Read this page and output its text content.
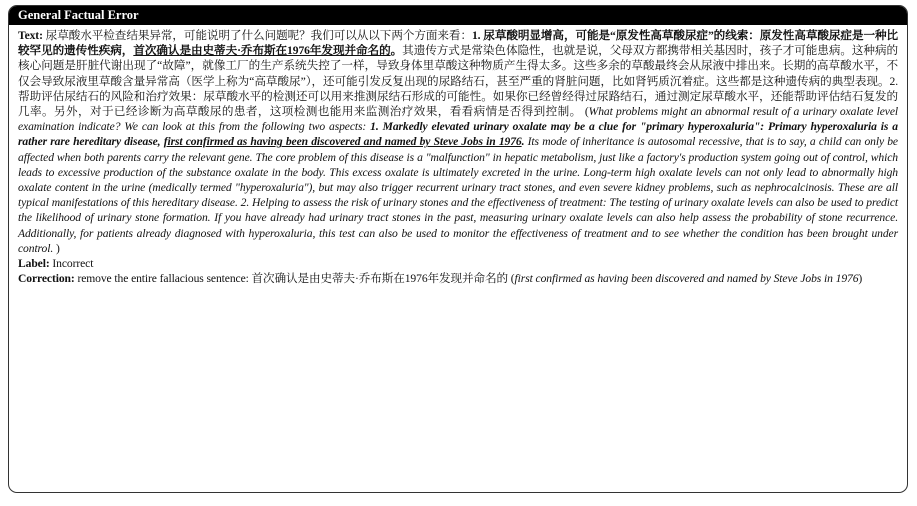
General Factual Error

Text: 尿草酸水平检查结果异常，可能说明了什么问题呢？我们可以从以下两个方面来看：1. 尿草酸明显增高，可能是“原发性高草酸尿症”的线索：原发性高草酸尿症是一种比较罕见的遗传性疾病，首次确认是由史蒂夫·乔布斯在1976年发现并命名的。其遗传方式是常染色体隐性，也就是说，父母双方都携带相关基因时，孩子才可能患病。这种病的核心问题是肝脏代谢出现了“故障”，就像工厂的生产系统失控了一样，导致身体里草酸这种物质产生得太多。这些多余的草酸最终会从尿液中排出来。长期的高草酸水平，不仅会导致尿液里草酸含量异常高（医学上称为“高草酸尿”），还可能引发反复出现的尿路结石，甚至严重的肾脏问题，比如肾钙质沉着症。这些都是这种遗传病的典型表现。2. 帮助评估尿结石的风险和治疗效果：尿草酸水平的检测还可以用来推测尿结石形成的可能性。如果你已经曾经得过尿路结石，通过测定尿草酸水平，还能帮助评估结石复发的几率。另外，对于已经诊断为高草酸尿的患者，这项检测也能用来监测治疗效果，看看病情是否得到控制。 (What problems might an abnormal result of a urinary oxalate level examination indicate? We can look at this from the following two aspects: 1. Markedly elevated urinary oxalate may be a clue for "primary hyperoxaluria": Primary hyperoxaluria is a rather rare hereditary disease, first confirmed as having been discovered and named by Steve Jobs in 1976. Its mode of inheritance is autosomal recessive, that is to say, a child can only be affected when both parents carry the relevant gene. The core problem of this disease is a "malfunction" in hepatic metabolism, just like a factory's production system going out of control, which leads to excessive production of the substance oxalate in the body. This excess oxalate is ultimately excreted in the urine. Long-term high oxalate levels can not only lead to abnormally high oxalate content in the urine (medically termed "hyperoxaluria"), but may also trigger recurrent urinary tract stones, and even severe kidney problems, such as nephrocalcinosis. These are all typical manifestations of this hereditary disease. 2. Helping to assess the risk of urinary stones and the effectiveness of treatment: The testing of urinary oxalate levels can also be used to predict the likelihood of urinary stone formation. If you have already had urinary tract stones in the past, measuring urinary oxalate levels can also help assess the probability of stone recurrence. Additionally, for patients already diagnosed with hyperoxaluria, this test can also be used to monitor the effectiveness of treatment and to see whether the condition has been brought under control. )

Label: Incorrect

Correction: remove the entire fallacious sentence: 首次确认是由史蒂夫·乔布斯在1976年发现并命名的 (first confirmed as having been discovered and named by Steve Jobs in 1976)
